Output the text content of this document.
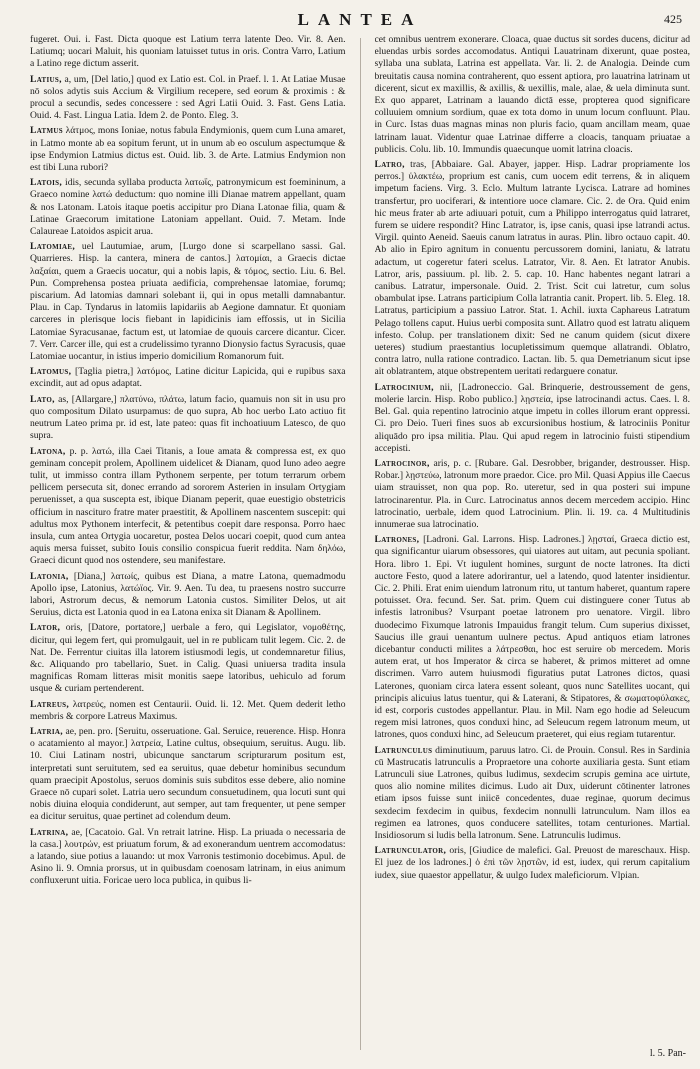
LANTEA	425

fugeret. Oui. i. Fast. Dicta quoque est Latium terra latente Deo. Vir. 8. Aen. Latiumq; uocari Maluit, his quoniam latuisset tutus in oris. Contra Varro, Latium a Latino rege dictum asserit.

Latius, a, um, [Del latio,] quod ex Latio est. Col. in Praef. l. 1. At Latiae Musae nō solos adytis suis Accium & Virgilium recepere, sed eorum & proximis : & procul a secundis, sedes concessere : sed Agri Latii Ouid. 3. Fast. Gens Latia. Ouid. 4. Fast. Lingua Latia. Idem 2. de Ponto. Eleg. 3.

Latmus λάτμος, mons Ioniae, notus fabula Endymionis, quem cum Luna amaret, in Latmo monte ab ea sopitum ferunt, ut in unum ab eo osculum aspectumque & ipse Endymion Latmius dictus est. Ouid. lib. 3. de Arte. Latmius Endymion non est tibi Luna rubori?

Latois, idis, secunda syllaba producta λατωΐς, patronymicum est foemininum, a Graeco nomine λατώ deductum: quo nomine illi Dianae matrem appellant, quam & nos Latonam. Latois itaque poetis accipitur pro Diana Latonae filia, quam & Latinae Graecorum imitatione Latoniam appellant. Ouid. 7. Metam. Inde Calaureae Latoidos aspicit arua.

Latomiae, uel Lautumiae, arum, [Lurgo done si scarpellano sassi. Gal. Quarrieres. Hisp. la cantera, minera de cantos.] λατομίαι, a Graecis dictae λαξαίαι, quem a Graecis uocatur, qui a nobis lapis, & τόμος, sectio. Liu. 6. Bel. Pun. Comprehensa postea priuata aedificia, comprehensae latomiae, forumq; piscarium. Ad latomias damnari solebant ii, qui in opus metalli damnabantur. Plau. in Cap. Tyndarus in latomiis lapidariis ab Aegione damnatur. Et quoniam carceres in plerisque locis fiebant in lapidicinis iam effossis, ut in Sicilia Latomiae Syracusanae, factum est, ut latomiae de quouis carcere dicantur. Cicer. 7. Verr. Carcer ille, qui est a crudelissimo tyranno Dionysio factus Syracusis, quae Latomiae uocantur, in istius imperio domicilium Romanorum fuit.

Latomus, [Taglia pietra,] λατόμος, Latine dicitur Lapicida, qui e rupibus saxa excindit, aut ad opus adaptat.

Lato, as, [Allargare,] πλατύνω, πλάτω, latum facio, quamuis non sit in usu pro quo compositum Dilato usurpamus: de quo supra, Ab hoc uerbo Lato actiuo fit neutrum Lateo prima pr. id est, late pateo: quas fit inchoatiuum Latesco, de quo supra.

Latona, p. p. λατώ, illa Caei Titanis, a Ioue amata & compressa est, ex quo geminam concepit prolem, Apollinem uidelicet & Dianam, quod Iuno adeo aegre tulit, ut immisso contra illam Pythonem serpente, per totum terrarum orbem pellicem persecuta sit, donec errando ad sororem Asterien in insulam Ortygiam peruenisset, a qua suscepta est, ibique Dianam peperit, quae euestigio obstetricis officium in nascituro fratre mater praestitit, & Apollinem nascentem suscepit: qui adultus mox Pythonem interfecit, & petentibus coepit dare responsa. Porro haec insula, cum antea Ortygia uocaretur, postea Delos uocari coepit, quod cum antea aquis mersa fuisset, subito Iouis consilio conspicua fuerit reddita. Nam δηλόω, Graeci dicunt quod nos ostendere, seu manifestare.

Latonia, [Diana,] λατωίς, quibus est Diana, a matre Latona, quemadmodu Apollo ipse, Latonius, λατώϊος. Vir. 9. Aen. Tu dea, tu praesens nostro succurre labori, Astrorum decus, & nemorum Latonia custos. Similiter Delos, ut ait Seruius, dicta est Latonia quod in ea Latona enixa sit Dianam & Apollinem.

Lator, oris, [Datore, portatore,] uerbale a fero, qui Legislator, νομοθέτης, dicitur, qui legem fert, qui promulgauit, uel in re publicam tulit legem. Cic. 2. de Nat. De. Ferrentur ciuitas illa latorem istiusmodi legis, ut condemnaretur filius, &c. Aliquando pro tabellario, Suet. in Calig. Quasi uniuersa tradita insula magnificas Romam litteras misit monitis saepe latoribus, uehiculo ad forum usque & curiam pertenderent.

Latreus, λατρεύς, nomen est Centaurii. Ouid. li. 12. Met. Quem dederit letho membris & corpore Latreus Maximus.

Latria, ae, pen. pro. [Seruitu, osseruatione. Gal. Seruice, reuerence. Hisp. Honra o acatamiento al mayor.] λατρεία, Latine cultus, obsequium, seruitus. Augu. lib. 10. Ciui Latinam nostri, ubicunque sanctarum scripturarum positum est, interpretati sunt seruitutem, sed ea seruitus, quae debetur hominibus secundum quam praecipit Apostolus, seruos dominis suis subditos esse debere, alio nomine Graece nō cupari solet. Latria uero secundum consuetudinem, qua locuti sunt qui nobis diuina eloquia condiderunt, aut semper, aut tam frequenter, ut pene semper ea dicitur seruitus, quae pertinet ad colendum deum.

Latrina, ae, [Cacatoio. Gal. Vn retrait latrine. Hisp. La priuada o necessaria de la casa.] λουτρών, est priuatum forum, & ad exonerandum uentrem accomodatus: a latando, siue potius a lauando: ut mox Varronis testimonio docebimus. Apul. de Asino li. 9. Omnia prorsus, ut in quibusdam coenosam latrinam, in eius animum confluxerunt uitia. Foricae uero loca publica, in quibus li-

cet omnibus uentrem exonerare. Cloaca, quae ductus sit sordes ducens, dicitur ad eluendas urbis sordes accomodatus. Antiqui Lauatrinam dixerunt, quae postea, syllaba una sublata, Latrina est appellata. Var. li. 2. de Analogia. Deinde cum breuitatis causa nomina contraherent, quo essent aptiora, pro lauatrina latrinam ut dicerent, sicut ex maxillis, & axillis, & uexillis, male, alae, & uela diminuta sunt. Ex quo apparet, Latrinam a lauando dictā esse, propterea quod significare colluuiem omnium sordium, quae ex tota domo in unum locum confluunt. Plau. in Curc. Istas duas magnas minas non pluris facio, quam ancillam meam, quae latrinam lauat. Videntur quae Latrinae differre a cloacis, tanquam priuatae a publicis. Colu. lib. 10. Immundis quaecunque uomit latrina cloacis.

Latro, tras, [Abbaiare. Gal. Abayer, japper. Hisp. Ladrar propriamente los perros.] ὑλακτέω, proprium est canis, cum uocem edit terrens, & in aliquem impetum faciens. Virg. 3. Eclo. Multum latrante Lycisca. Latrare ad homines transfertur, pro uociferari, & intentiore uoce clamare. Cic. 2. de Ora. Quid enim hic meus frater ab arte adiuuari potuit, cum a Philippo interrogatus quid latraret, furem se uidere respondit? Hinc Latrator, is, ipse canis, quasi ipse latrandi actus. Virgil. quinto Aeneid. Saeuis canum latratus in auras. Plin. libro octauo capit. 40. Ab alio in Epiro agnitum in conuentu percussorem domini, laniatu, & latratu adactum, ut cogeretur fateri scelus. Latrator, Vir. 8. Aen. Et latrator Anubis. Latror, aris, passiuum. pl. lib. 2. 5. cap. 10. Hanc habentes negant latrari a canibus. Latratur, impersonale. Ouid. 2. Trist. Scit cui latretur, cum solus obambulat ipse. Latrans participium Colla latrantia canit. Propert. lib. 5. Eleg. 18. Latratus, participium a passiuo Latror. Stat. 1. Achil. iuxta Caphareus Latratum Pelago tollens caput. Huius uerbi composita sunt. Allatro quod est latratu aliquem infesto. Colup. per translationem dixit: Sed ne canum quidem (sicut dixere ueteres) studium praestantius locupletissimum quemque allatrandi. Oblatro, contra latro, nulla ratione contradico. Lactan. lib. 5. qua Demetrianum sicut ipse ait oblatrantem, atque obstrepentem ueritati redarguere conatur.

Latrocinium, nii, [Ladroneccio. Gal. Brinquerie, destroussement de gens, molerie larcin. Hisp. Robo publico.] λῃστεία, ipse latrocinandi actus. Caes. l. 8. Bel. Gal. quia repentino latrocinio atque impetu in colles illorum erant oppressi. Ci. pro Deio. Tueri fines suos ab excursionibus hostium, & latrociniis Ponitur aliquādo pro ipsa militia. Plau. Qui apud regem in latrocinio fuisti stipendium accepisti.

Latrocinor, aris, p. c. [Rubare. Gal. Desrobber, brigander, destrousser. Hisp. Robar.] λῃστεύω, latronum more praedor. Cice. pro Mil. Quasi Appius ille Caecus uiam strauisset, non qua pop. Ro. uteretur, sed in qua posteri sui impune latrocinarentur. Pla. in Curc. Latrocinatus annos decem mercedem accipio. Hinc latrocinatio, uerbale, idem quod Latrocinium. Plin. li. 19. ca. 4 Multitudinis innumerae sua latrocinatio.

Latrones, [Ladroni. Gal. Larrons. Hisp. Ladrones.] λῃσταί, Graeca dictio est, qua significantur uiarum obsessores, qui uiatores aut uitam, aut pecunia spoliant. Hora. libro 1. Epi. Vt iugulent homines, surgunt de nocte latrones. Ita dicti auctore Festo, quod a latere adorirantur, uel a latendo, quod latenter insidientur. Cic. 2. Phili. Erat enim uiendum latronum ritu, ut tantum haberet, quantum rapere potuisset. Ora. fecund. Ser. Sat. prim. Quem cui distinguere coner Tutus ab infestis latronibus? Vsurpant poetae latronem pro uenatore. Virgil. libro duodecimo Fixumque latronis Impauidus frangit telum. Cum superius dixisset, Saucius ille graui uenantum uulnere pectus. Apud antiquos etiam latrones dicebantur conducti milites a λάτρεσθαι, hoc est seruire ob mercedem. Moris autem erat, ut hos Imperator & circa se haberet, & primos mitteret ad omne discrimen. Varro autem huiusmodi figuratius putat Latrones dictos, quasi Laterones, quoniam circa latera essent soleant, quos nunc Satellites uocant, qui principis alicuius latus tuentur, qui & Laterani, & Stipatores, & σωματοφύλακες, id est, corporis custodes appellantur. Plau. in Mil. Nam ego hodie ad Seleucum regem misi latrones, quos conduxi hinc, ad Seleucum regem latronum meum, ut latrones, quos conduxi hinc, ad Seleucum praeteret, qui eius regiam tutarentur.

Latrunculus diminutiuum, paruus latro. Ci. de Prouin. Consul. Res in Sardinia cū Mastrucatis latrunculis a Propraetore una cohorte auxiliaria gesta. Sunt etiam Latrunculi siue Latrones, quibus ludimus, sexdecim scrupis gemina ace uirtute, quos alio nomine milites dicimus. Ludo ait Dux, uiderunt cōtinenter latrones etiam ipsos fuisse sunt iniicē concedentes, duae reginae, quorum decimus sexdecim fexdecim in quibus, fexdecim nonnulli latrunculum. Nam illos ea regimen ea latrones, quos conducere satellites, totam centuriones. Martial. Insidiosorum si ludis bella latronum. Sene. Latrunculis ludimus.

Latrunculator, oris, [Giudice de malefici. Gal. Preuost de mareschaux. Hisp. El juez de los ladrones.] ὁ ἐπὶ τῶν λῃστῶν, id est, iudex, qui rerum capitalium iudex, siue quaestor appellatur, & uulgo Iudex maleficiorum. Vlpian.

l. 5. Pan-
